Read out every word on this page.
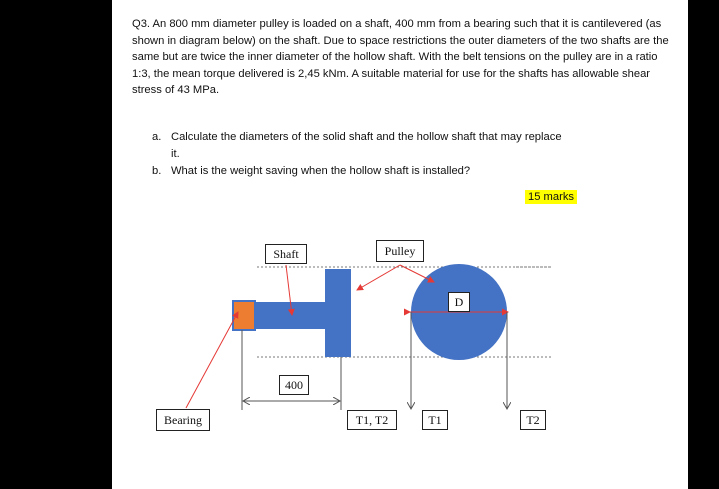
Q3. An 800 mm diameter pulley is loaded on a shaft, 400 mm from a bearing such that it is cantilevered (as shown in diagram below) on the shaft. Due to space restrictions the outer diameters of the two shafts are the same but are twice the inner diameter of the hollow shaft. With the belt tensions on the pulley are in a ratio 1:3, the mean torque delivered is 2,45 kNm. A suitable material for use for the shafts has allowable shear stress of 43 MPa.

a. Calculate the diameters of the solid shaft and the hollow shaft that may replace it.
b. What is the weight saving when the hollow shaft is installed?
15 marks
Shaft	Pulley
D
400
Bearing	T1, T2	T1	T2
